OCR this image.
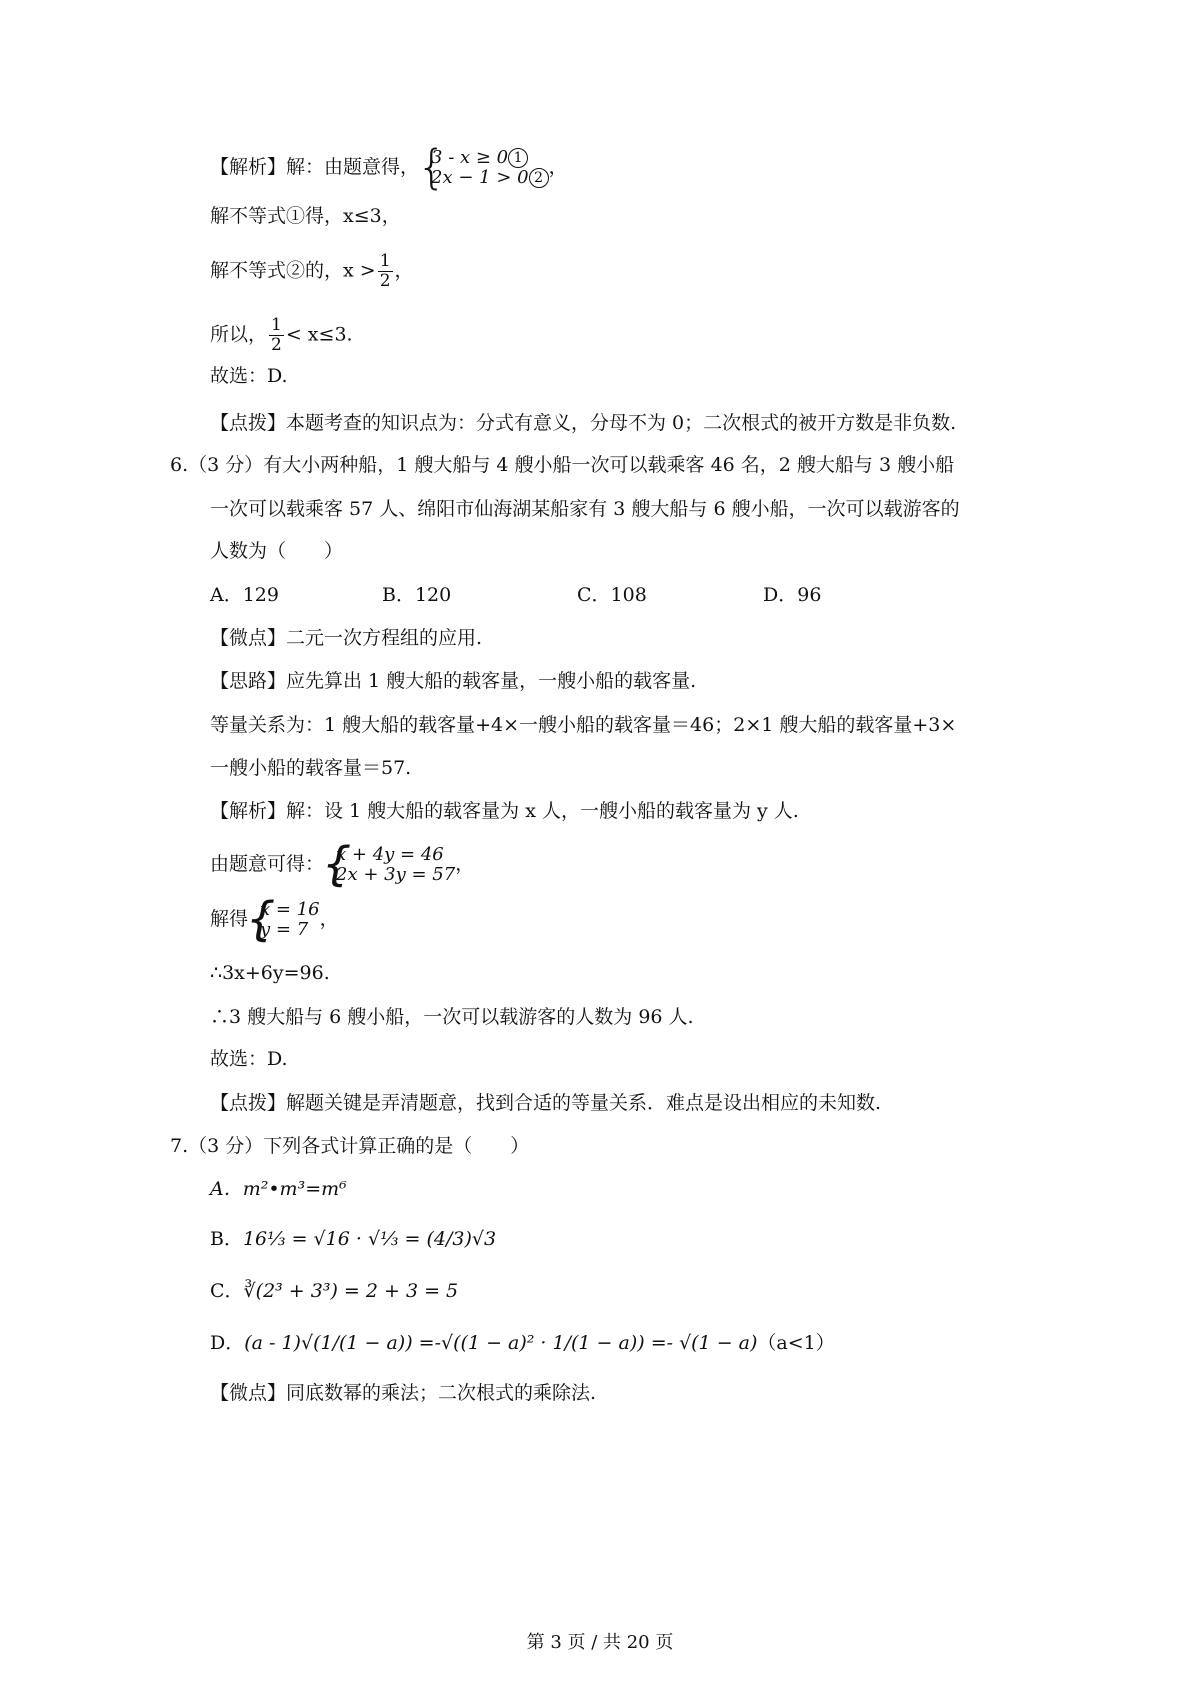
【解析】解：由题意得， { 3 - x ≥ 0 1
2x − 1 > 0 2 ，
解不等式①得，x≤3，
解不等式②的，$x > \frac{1}{2}$ ，
所以， $\frac{1}{2} < x\le 3$.
故选：D.
【点拨】本题考查的知识点为：分式有意义，分母不为 0；二次根式的被开方数是非负数.
6.（3 分）有大小两种船，1 艘大船与 4 艘小船一次可以载乘客 46 名，2 艘大船与 3 艘小船
一次可以载乘客 57 人、绵阳市仙海湖某船家有 3 艘大船与 6 艘小船，一次可以载游客的
人数为（　　）
A．129	B．120	C．108	D．96
【微点】二元一次方程组的应用.
【思路】应先算出 1 艘大船的载客量，一艘小船的载客量.
等量关系为：1 艘大船的载客量+4×一艘小船的载客量＝46；2×1 艘大船的载客量+3×
一艘小船的载客量＝57.
【解析】解：设 1 艘大船的载客量为 x 人，一艘小船的载客量为 y 人.
由题意可得： { x + 4y = 46
2x + 3y = 57 ，
解得 { x = 16
y = 7 ，
∴3x+6y=96.
∴3 艘大船与 6 艘小船，一次可以载游客的人数为 96 人.
故选：D.
【点拨】解题关键是弄清题意，找到合适的等量关系．难点是设出相应的未知数.
7.（3 分）下列各式计算正确的是（　　）
A．m²•m³=m⁶
B．16⅓ = √16 · √⅓ = (4/3)√3
C．∛(2³ + 3³) = 2 + 3 = 5
D．(a - 1)√(1/(1 − a)) =-√((1 − a)² · 1/(1 − a)) =- √(1 − a)（a<1）
【微点】同底数幂的乘法；二次根式的乘除法.
第 3 页 / 共 20 页
